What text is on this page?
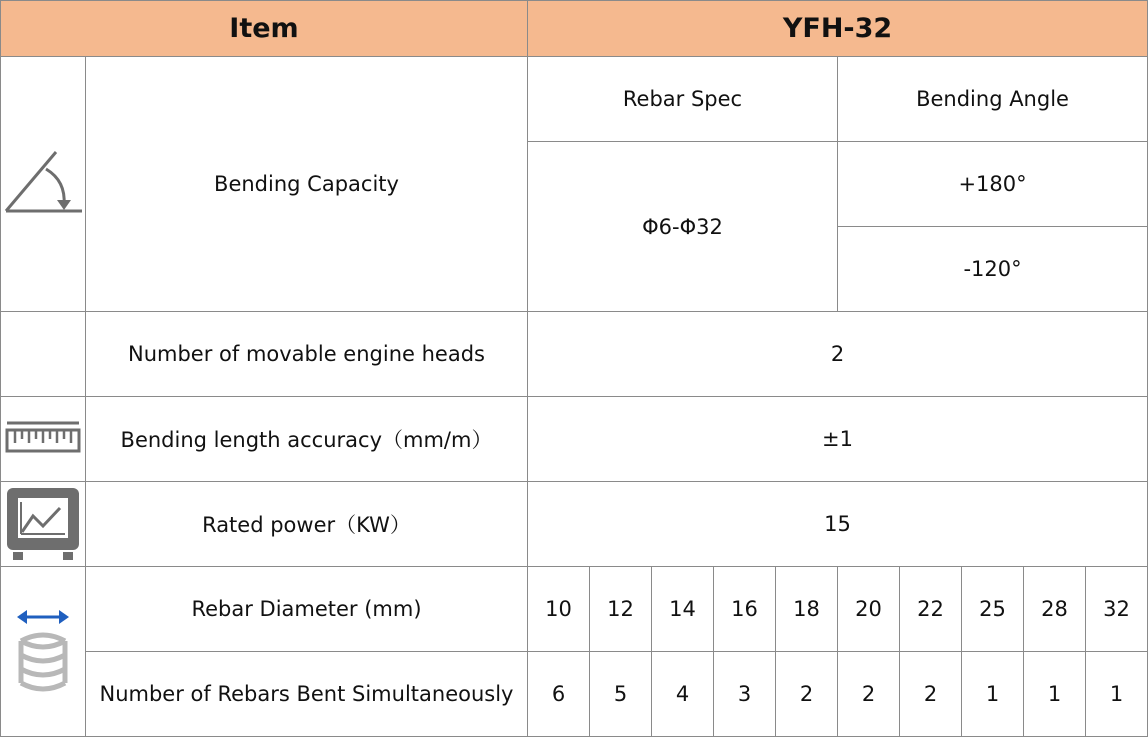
Item		YFH-32									

	Bending Capacity	Rebar Spec					Bending Angle				
		Φ6-Φ32					+180°				
							-120°				
	Number of movable engine heads	2									

	Bending length accuracy（mm/m）	±1									

	Rated power（KW）	15									

	Rebar Diameter (mm)	10	12	14	16	18	20	22	25	28	32
	Number of Rebars Bent Simultaneously	6	5	4	3	2	2	2	1	1	1
